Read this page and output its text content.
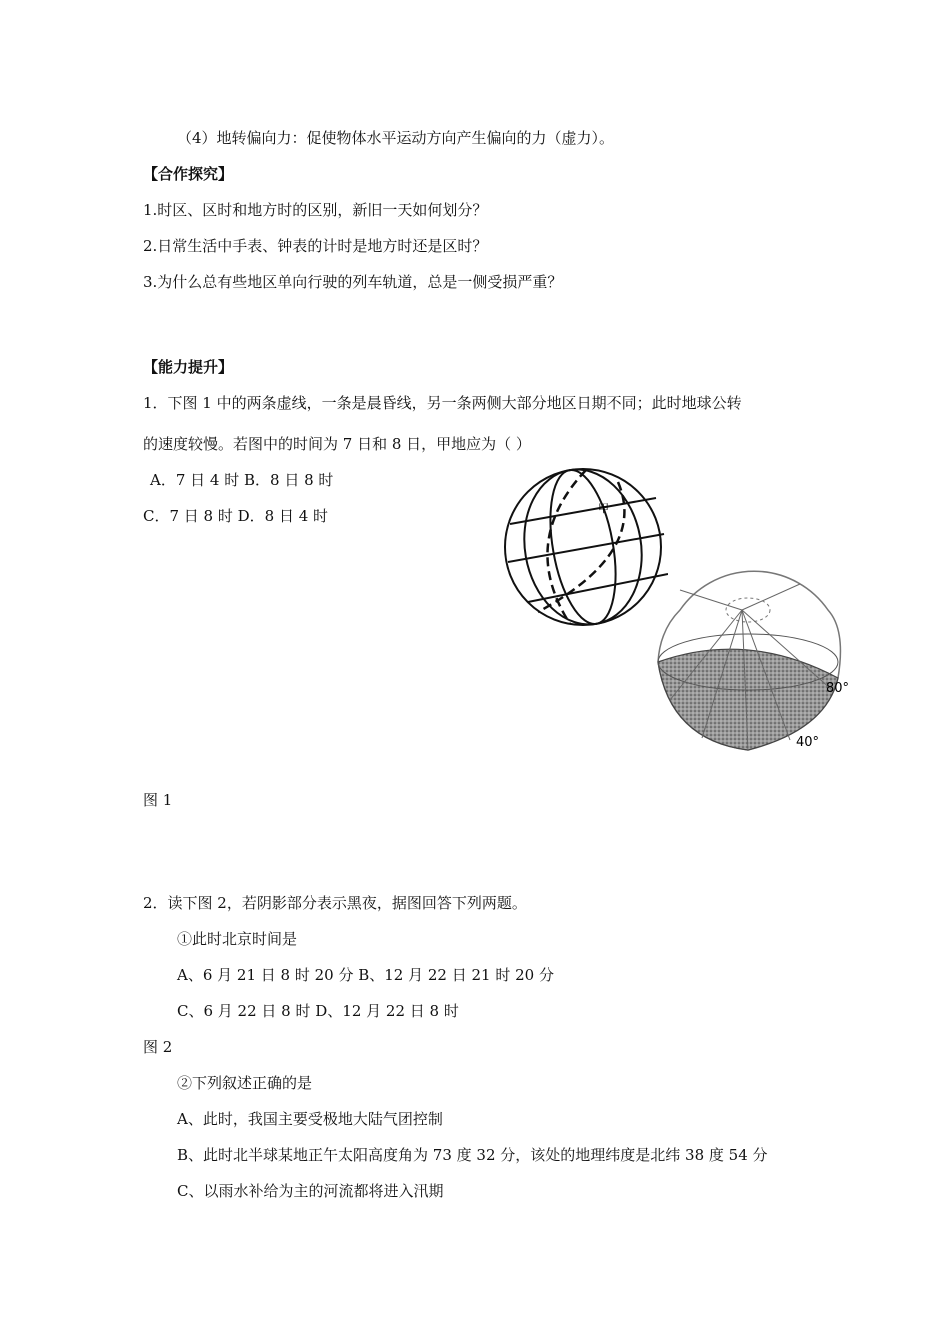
（4）地转偏向力：促使物体水平运动方向产生偏向的力（虚力）。
【合作探究】
1.时区、区时和地方时的区别，新旧一天如何划分？
2.日常生活中手表、钟表的计时是地方时还是区时？
3.为什么总有些地区单向行驶的列车轨道，总是一侧受损严重？
【能力提升】
1．下图 1 中的两条虚线，一条是晨昏线，另一条两侧大部分地区日期不同；此时地球公转
的速度较慢。若图中的时间为 7 日和 8 日，甲地应为（ ）
A．7 日 4 时 B．8 日 8 时
C．7 日 8 时 D．8 日 4 时	甲
80°
40°
图 1
2．读下图 2，若阴影部分表示黑夜，据图回答下列两题。
①此时北京时间是
A、6 月 21 日 8 时 20 分 B、12 月 22 日 21 时 20 分
C、6 月 22 日 8 时 D、12 月 22 日 8 时
图 2
②下列叙述正确的是
A、此时，我国主要受极地大陆气团控制
B、此时北半球某地正午太阳高度角为 73 度 32 分，该处的地理纬度是北纬 38 度 54 分
C、以雨水补给为主的河流都将进入汛期
